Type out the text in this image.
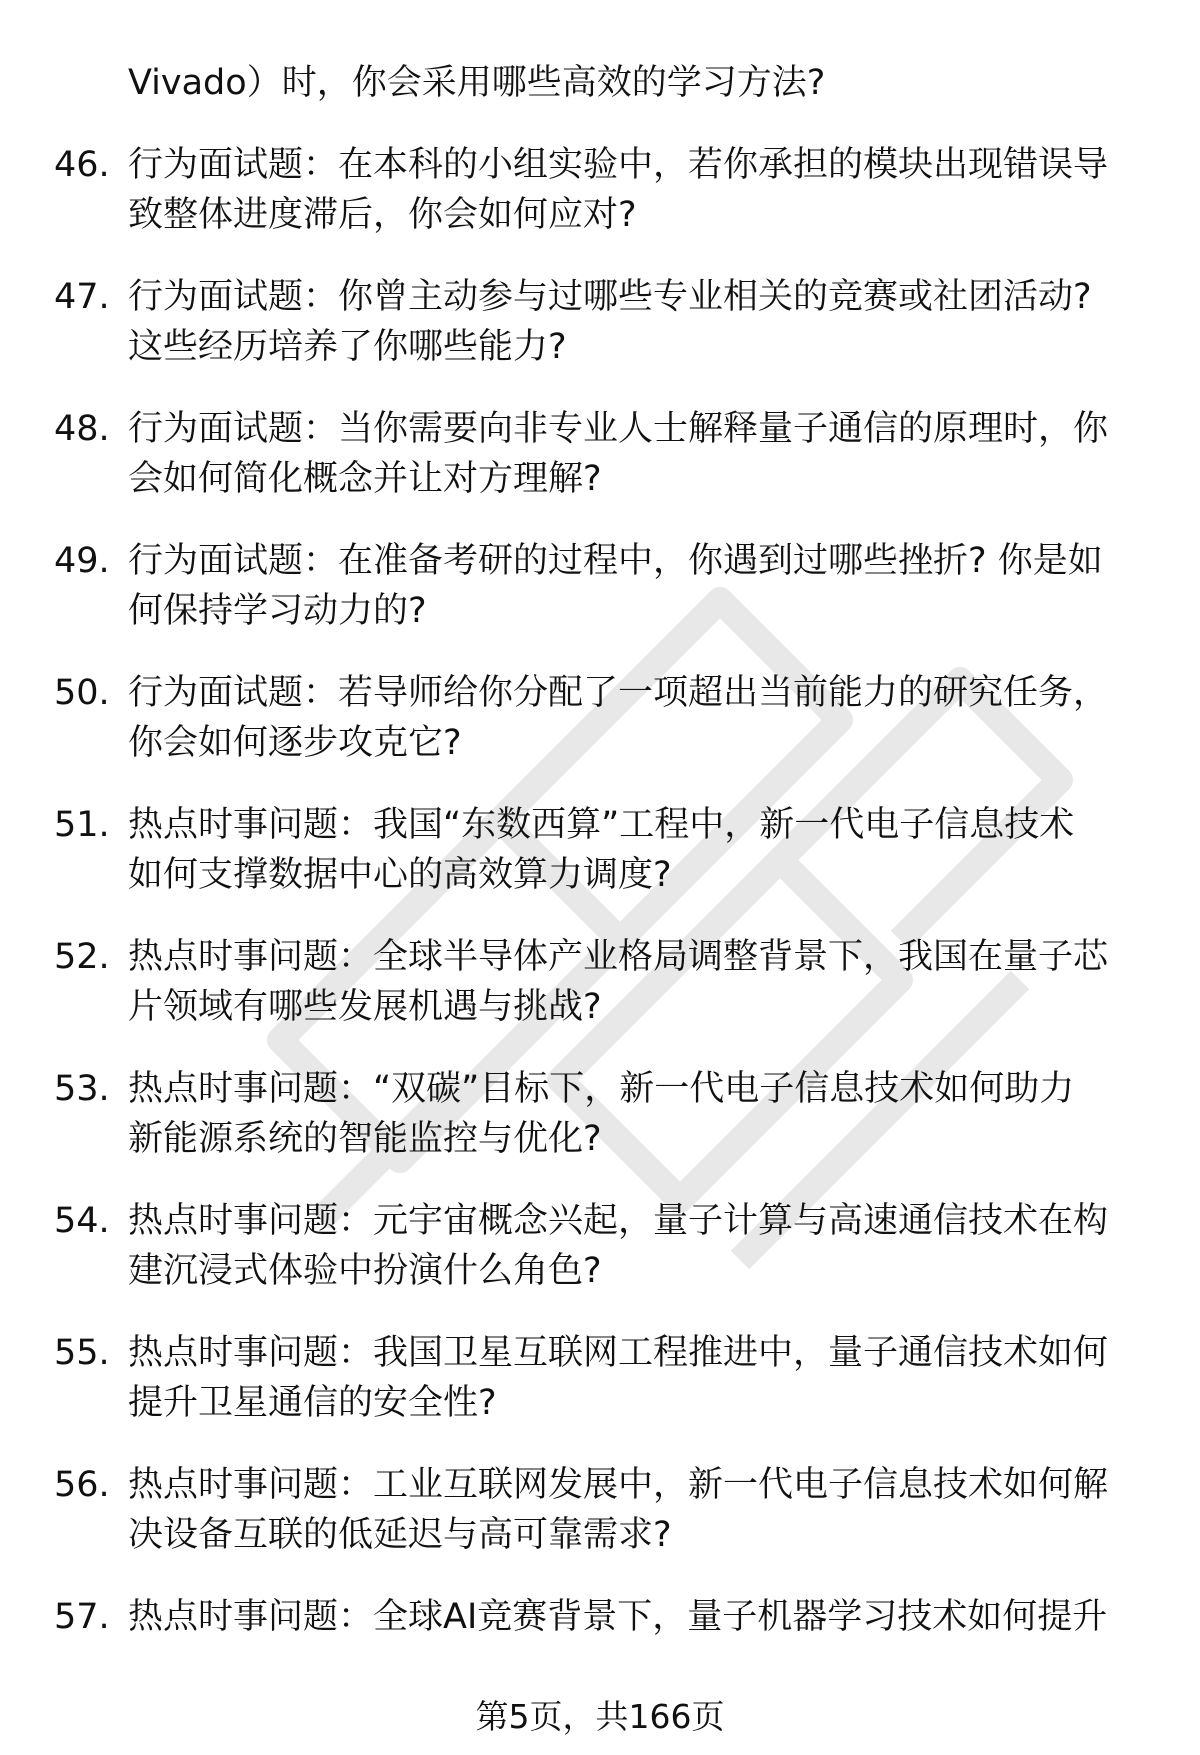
Vivado）时，你会采用哪些高效的学习方法?
46. 行为面试题：在本科的小组实验中，若你承担的模块出现错误导
致整体进度滞后，你会如何应对?
47. 行为面试题：你曾主动参与过哪些专业相关的竞赛或社团活动?
这些经历培养了你哪些能力?
48. 行为面试题：当你需要向非专业人士解释量子通信的原理时，你
会如何简化概念并让对方理解?
49. 行为面试题：在准备考研的过程中，你遇到过哪些挫折? 你是如
何保持学习动力的?
50. 行为面试题：若导师给你分配了一项超出当前能力的研究任务，
你会如何逐步攻克它?
51. 热点时事问题：我国“东数西算”工程中，新一代电子信息技术
如何支撑数据中心的高效算力调度?
52. 热点时事问题：全球半导体产业格局调整背景下，我国在量子芯
片领域有哪些发展机遇与挑战?
53. 热点时事问题：“双碳”目标下，新一代电子信息技术如何助力
新能源系统的智能监控与优化?
54. 热点时事问题：元宇宙概念兴起，量子计算与高速通信技术在构
建沉浸式体验中扮演什么角色?
55. 热点时事问题：我国卫星互联网工程推进中，量子通信技术如何
提升卫星通信的安全性?
56. 热点时事问题：工业互联网发展中，新一代电子信息技术如何解
决设备互联的低延迟与高可靠需求?
57. 热点时事问题：全球AI竞赛背景下，量子机器学习技术如何提升
第5页，共166页
